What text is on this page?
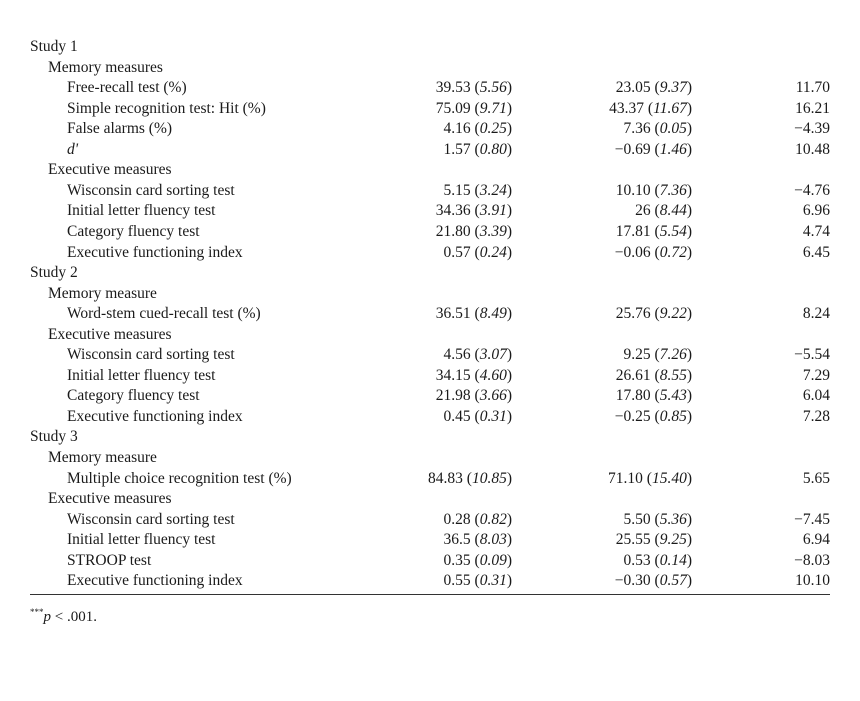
Study 1
Memory measures
Free-recall test (%)	39.53 (5.56)	23.05 (9.37)	11.70
Simple recognition test: Hit (%)	75.09 (9.71)	43.37 (11.67)	16.21
False alarms (%)	4.16 (0.25)	7.36 (0.05)	−4.39
d'	1.57 (0.80)	−0.69 (1.46)	10.48
Executive measures
Wisconsin card sorting test	5.15 (3.24)	10.10 (7.36)	−4.76
Initial letter fluency test	34.36 (3.91)	26 (8.44)	6.96
Category fluency test	21.80 (3.39)	17.81 (5.54)	4.74
Executive functioning index	0.57 (0.24)	−0.06 (0.72)	6.45
Study 2
Memory measure
Word-stem cued-recall test (%)	36.51 (8.49)	25.76 (9.22)	8.24
Executive measures
Wisconsin card sorting test	4.56 (3.07)	9.25 (7.26)	−5.54
Initial letter fluency test	34.15 (4.60)	26.61 (8.55)	7.29
Category fluency test	21.98 (3.66)	17.80 (5.43)	6.04
Executive functioning index	0.45 (0.31)	−0.25 (0.85)	7.28
Study 3
Memory measure
Multiple choice recognition test (%)	84.83 (10.85)	71.10 (15.40)	5.65
Executive measures
Wisconsin card sorting test	0.28 (0.82)	5.50 (5.36)	−7.45
Initial letter fluency test	36.5 (8.03)	25.55 (9.25)	6.94
STROOP test	0.35 (0.09)	0.53 (0.14)	−8.03
Executive functioning index	0.55 (0.31)	−0.30 (0.57)	10.10
***p < .001.
